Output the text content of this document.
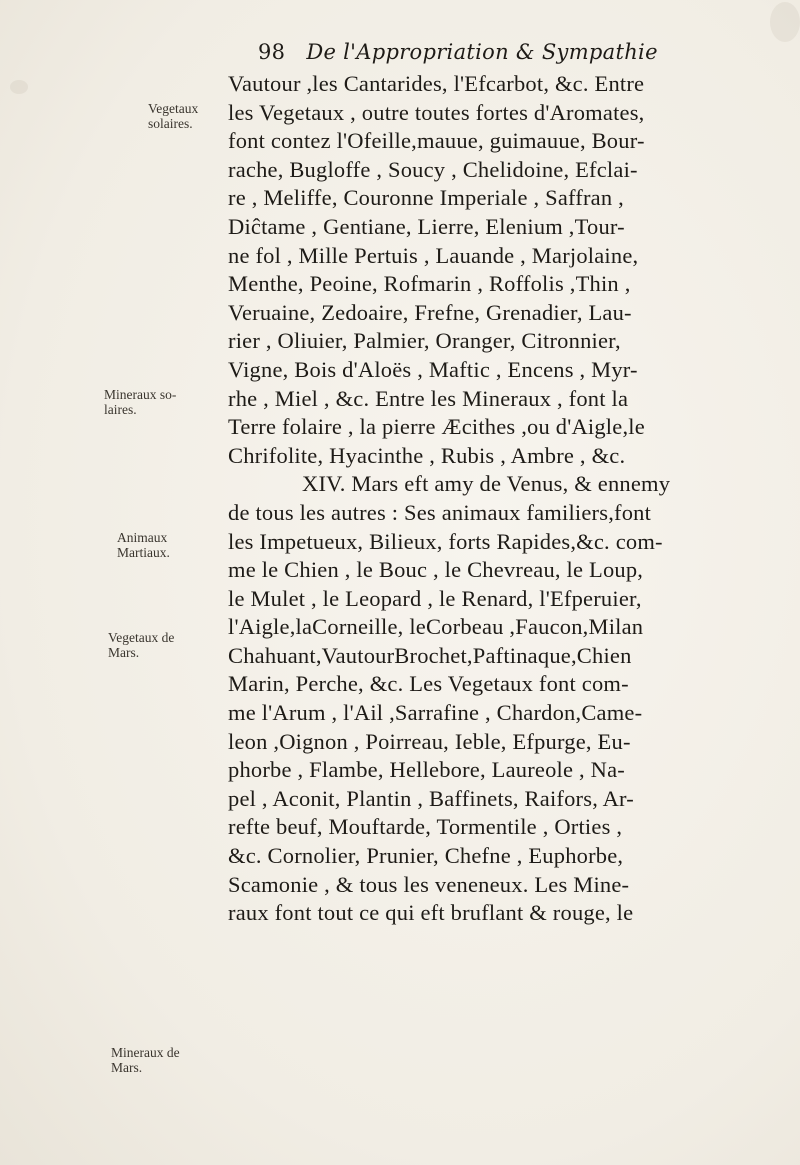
98 De l'Appropriation & Sympathie
Vegetaux
solaires.
Mineraux so-
laires.
Animaux
Martiaux.
Vegetaux de
Mars.
Mineraux de
Mars.
Vautour ,les Cantarides, l'Efcarbot, &c. Entre
les Vegetaux , outre toutes fortes d'Aromates,
font contez l'Ofeille,mauue, guimauue, Bour-
rache, Bugloffe , Soucy , Chelidoine, Efclai-
re , Meliffe, Couronne Imperiale , Saffran ,
Diĉtame , Gentiane, Lierre, Elenium ,Tour-
ne fol , Mille Pertuis , Lauande , Marjolaine,
Menthe, Peoine, Rofmarin , Roffolis ,Thin ,
Veruaine, Zedoaire, Frefne, Grenadier, Lau-
rier , Oliuier, Palmier, Oranger, Citronnier,
Vigne, Bois d'Aloës , Maftic , Encens , Myr-
rhe , Miel , &c. Entre les Mineraux , font la
Terre folaire , la pierre Æcithes ,ou d'Aigle,le
Chrifolite, Hyacinthe , Rubis , Ambre , &c.
XIV. Mars eft amy de Venus, & ennemy
de tous les autres : Ses animaux familiers,font
les Impetueux, Bilieux, forts Rapides,&c. com-
me le Chien , le Bouc , le Chevreau, le Loup,
le Mulet , le Leopard , le Renard, l'Efperuier,
l'Aigle,laCorneille, leCorbeau ,Faucon,Milan
Chahuant,VautourBrochet,Paftinaque,Chien
Marin, Perche, &c. Les Vegetaux font com-
me l'Arum , l'Ail ,Sarrafine , Chardon,Came-
leon ,Oignon , Poirreau, Ieble, Efpurge, Eu-
phorbe , Flambe, Hellebore, Laureole , Na-
pel , Aconit, Plantin , Baffinets, Raifors, Ar-
refte beuf, Mouftarde, Tormentile , Orties ,
&c. Cornolier, Prunier, Chefne , Euphorbe,
Scamonie , & tous les veneneux. Les Mine-
raux font tout ce qui eft bruflant & rouge, le
